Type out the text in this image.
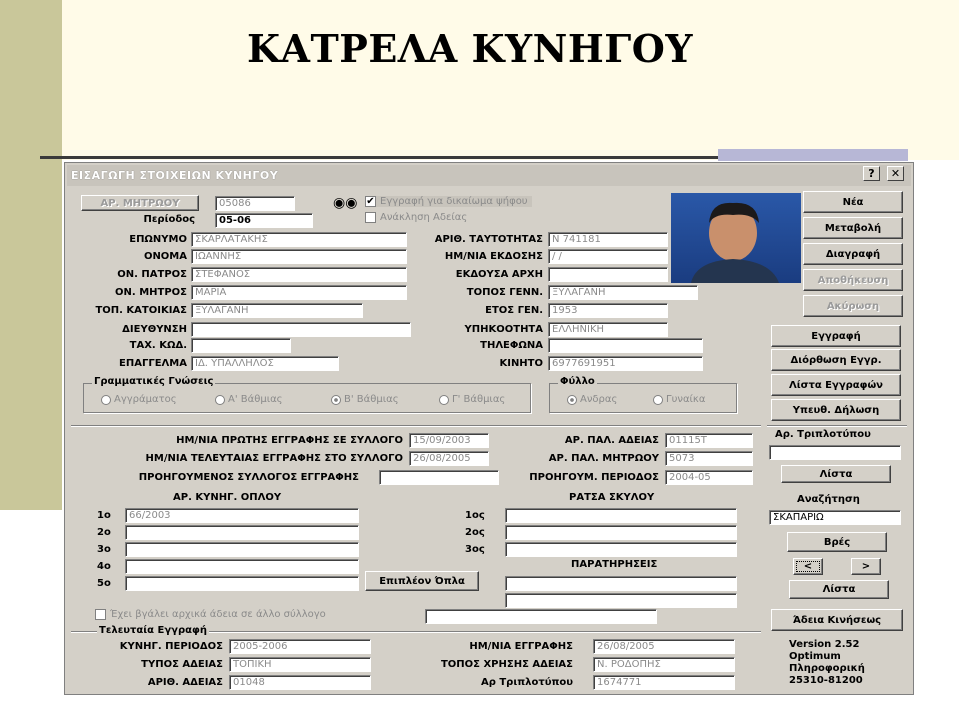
ΚΑΤΡΕΛΑ ΚΥΝΗΓΟΥ
ΕΙΣΑΓΩΓΗ ΣΤΟΙΧΕΙΩΝ ΚΥΝΗΓΟΥ	?	✕
ΑΡ. ΜΗΤΡΩΟΥ	05086
Περίοδος	05-06
◉◉ ✔ Εγγραφή για δικαίωμα ψήφου
Ανάκληση Αδείας
ΕΠΩΝΥΜΟ ΣΚΑΡΛΑΤΑΚΗΣ
ΟΝΟΜΑ ΙΩΑΝΝΗΣ
ΟΝ. ΠΑΤΡΟΣ ΣΤΕΦΑΝΟΣ
ΟΝ. ΜΗΤΡΟΣ ΜΑΡΙΑ
ΤΟΠ. ΚΑΤΟΙΚΙΑΣ ΞΥΛΑΓΑΝΗ
ΔΙΕΥΘΥΝΣΗ
ΤΑΧ. ΚΩΔ.
ΕΠΑΓΓΕΛΜΑ ΙΔ. ΥΠΑΛΛΗΛΟΣ
ΑΡΙΘ. ΤΑΥΤΟΤΗΤΑΣ Ν 741181
ΗΜ/ΝΙΑ ΕΚΔΟΣΗΣ / /
ΕΚΔΟΥΣΑ ΑΡΧΗ
ΤΟΠΟΣ ΓΕΝΝ. ΞΥΛΑΓΑΝΗ
ΕΤΟΣ ΓΕΝ. 1953
ΥΠΗΚΟΟΤΗΤΑ ΕΛΛΗΝΙΚΗ
ΤΗΛΕΦΩΝΑ
ΚΙΝΗΤΟ 6977691951
Νέα
Μεταβολή
Διαγραφή
Αποθήκευση
Ακύρωση
Εγγραφή
Διόρθωση Εγγρ.
Λίστα Εγγραφών
Υπευθ. Δήλωση
Γραμματικές Γνώσεις
Αγγράματος	Α' Βάθμιας	Β' Βάθμιας	Γ' Βάθμιας
Φύλλο
Ανδρας	Γυναίκα
ΗΜ/ΝΙΑ ΠΡΩΤΗΣ ΕΓΓΡΑΦΗΣ ΣΕ ΣΥΛΛΟΓΟ	15/09/2003
ΗΜ/ΝΙΑ ΤΕΛΕΥΤΑΙΑΣ ΕΓΓΡΑΦΗΣ ΣΤΟ ΣΥΛΛΟΓΟ	26/08/2005
ΠΡΟΗΓΟΥΜΕΝΟΣ ΣΥΛΛΟΓΟΣ ΕΓΓΡΑΦΗΣ
ΑΡ. ΠΑΛ. ΑΔΕΙΑΣ	01115Τ
ΑΡ. ΠΑΛ. ΜΗΤΡΩΟΥ	5073
ΠΡΟΗΓΟΥΜ. ΠΕΡΙΟΔΟΣ	2004-05
ΑΡ. ΚΥΝΗΓ. ΟΠΛΟΥ
1ο	66/2003
2ο
3ο
4ο
5ο	Επιπλέον Όπλα
ΡΑΤΣΑ ΣΚΥΛΟΥ
1ος
2ος
3ος
ΠΑΡΑΤΗΡΗΣΕΙΣ
Αρ. Τριπλοτύπου
Λίστα
Αναζήτηση
ΣΚΑΠΑΡΙΩ
Βρές
<	>
Λίστα
Άδεια Κινήσεως
Έχει βγάλει αρχικά άδεια σε άλλο σύλλογο
Τελευταία Εγγραφή
ΚΥΝΗΓ. ΠΕΡΙΟΔΟΣ	2005-2006
ΤΥΠΟΣ ΑΔΕΙΑΣ	ΤΟΠΙΚΗ
ΑΡΙΘ. ΑΔΕΙΑΣ	01048
ΗΜ/ΝΙΑ ΕΓΓΡΑΦΗΣ	26/08/2005
ΤΟΠΟΣ ΧΡΗΣΗΣ ΑΔΕΙΑΣ	Ν. ΡΟΔΟΠΗΣ
Αρ Τριπλοτύπου	1674771
Version 2.52
Optimum
Πληροφορική
25310-81200
